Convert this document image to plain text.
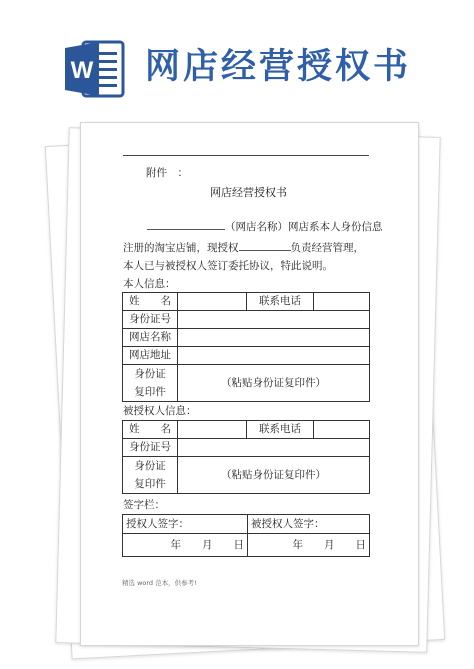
W 网店经营授权书
附件　：
网店经营授权书
（网店名称）网店系本人身份信息
注册的淘宝店铺，现授权	负责经营管理，
本人已与被授权人签订委托协议，特此说明。
本人信息：
姓　　名		联系电话	
身份证号			
网店名称			
网店地址			

身份证
复印件	（粘贴身份证复印件）		
被授权人信息：
姓　　名		联系电话	
身份证号			

身份证
复印件	（粘贴身份证复印件）		
签字栏：
授权人签字：	被授权人签字：
年　　月　　日	年　　月　　日
精选 word 范本，供参考!
